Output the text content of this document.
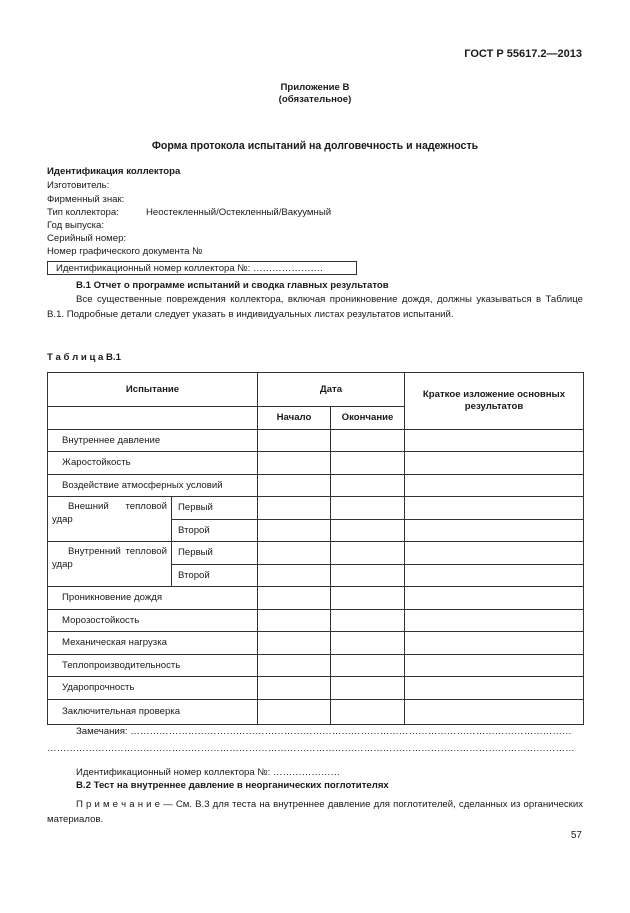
ГОСТ Р 55617.2—2013
Приложение В
(обязательное)
Форма протокола испытаний на долговечность и надежность
Идентификация коллектора
Изготовитель:
Фирменный знак:
Тип коллектора:	Неостекленный/Остекленный/Вакуумный
Год выпуска:
Серийный номер:
Номер графического документа №
Идентификационный номер коллектора №: ………………….
В.1 Отчет о программе испытаний и сводка главных результатов
Все существенные повреждения коллектора, включая проникновение дождя, должны указываться в Таблице В.1. Подробные детали следует указать в индивидуальных листах результатов испытаний.
Т а б л и ц а В.1
Испытание		Дата		Краткое изложение основных результатов
		Начало	Окончание	
Внутреннее давление				
Жаростойкость				
Воздействие атмосферных условий				
Внешний тепловой удар	Первый			
	Второй			
Внутренний тепловой удар	Первый			
	Второй			
Проникновение дождя				
Морозостойкость				
Механическая нагрузка				
Теплопроизводительность				
Ударопрочность				
Заключительная проверка				
Замечания: …………………………………………………………………………………………………………………………
…………………………………………………………………………………………………………………………………………………
Идентификационный номер коллектора №: …………………
В.2 Тест на внутреннее давление в неорганических поглотителях
П р и м е ч а н и е — См. В.3 для теста на внутреннее давление для поглотителей, сделанных из органических материалов.
57
